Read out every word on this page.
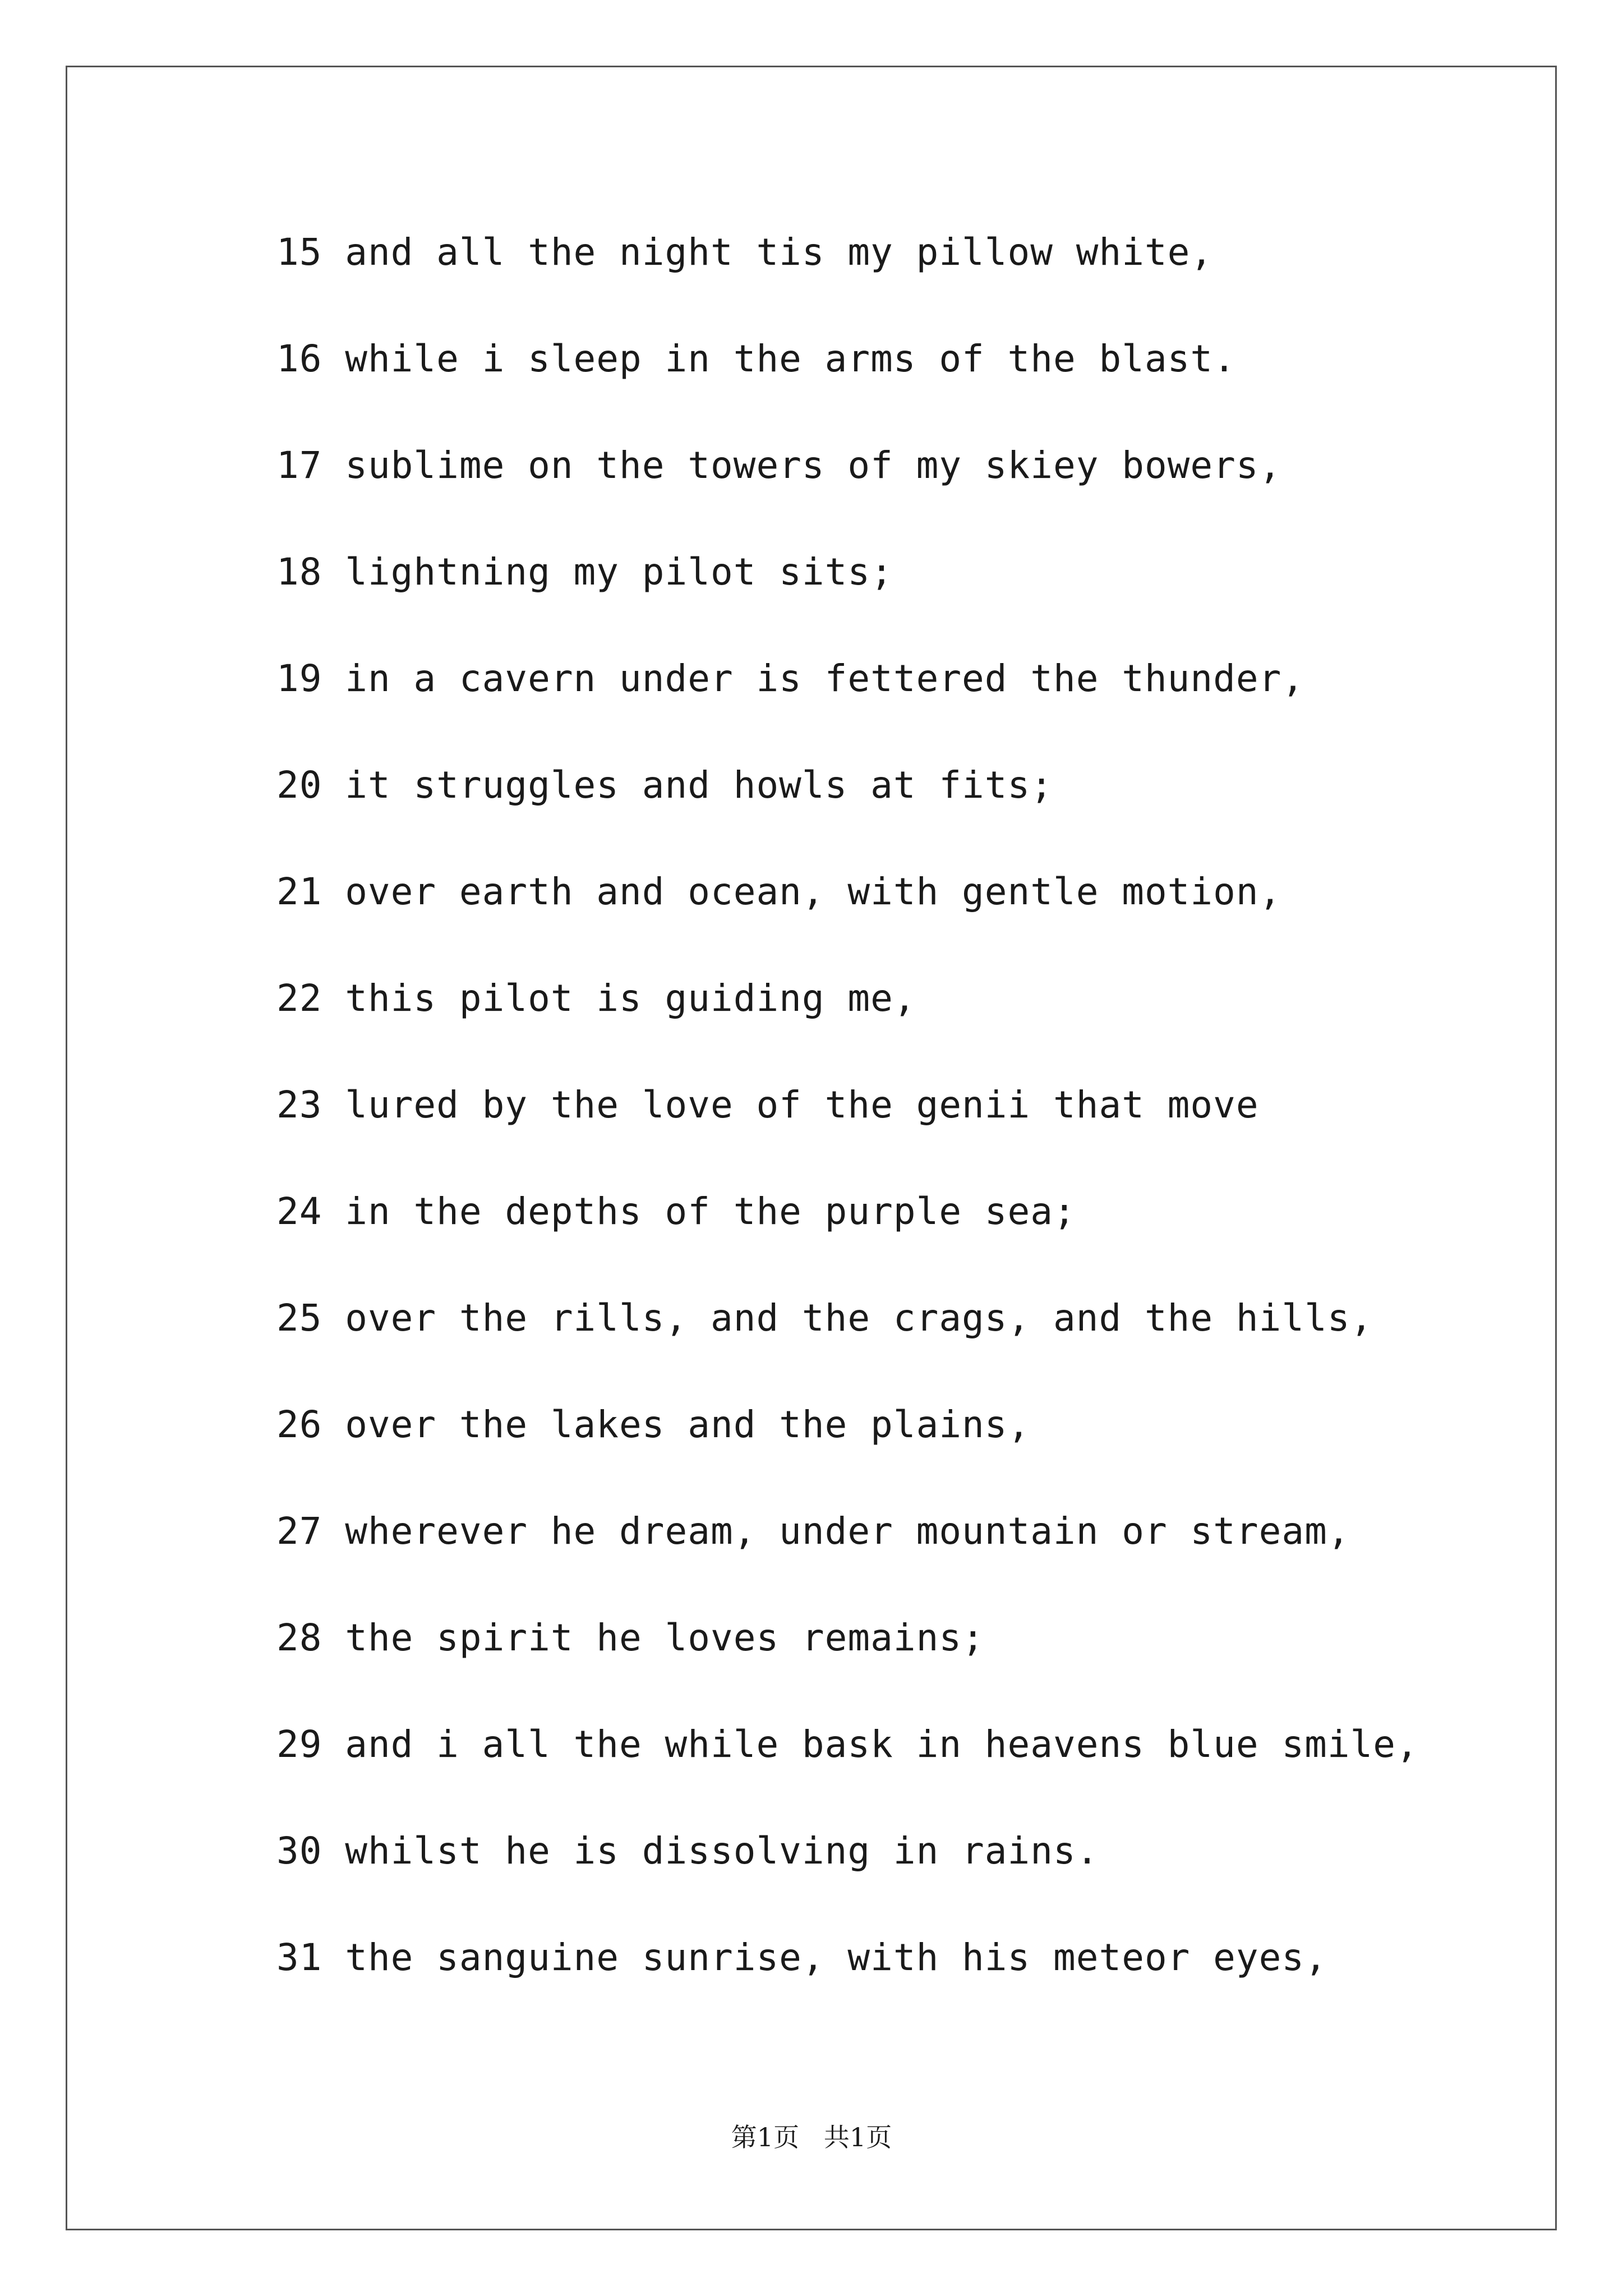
15 and all the night tis my pillow white,
16 while i sleep in the arms of the blast.
17 sublime on the towers of my skiey bowers,
18 lightning my pilot sits;
19 in a cavern under is fettered the thunder,
20 it struggles and howls at fits;
21 over earth and ocean, with gentle motion,
22 this pilot is guiding me,
23 lured by the love of the genii that move
24 in the depths of the purple sea;
25 over the rills, and the crags, and the hills,
26 over the lakes and the plains,
27 wherever he dream, under mountain or stream,
28 the spirit he loves remains;
29 and i all the while bask in heavens blue smile,
30 whilst he is dissolving in rains.
31 the sanguine sunrise, with his meteor eyes,
第1页   共1页
